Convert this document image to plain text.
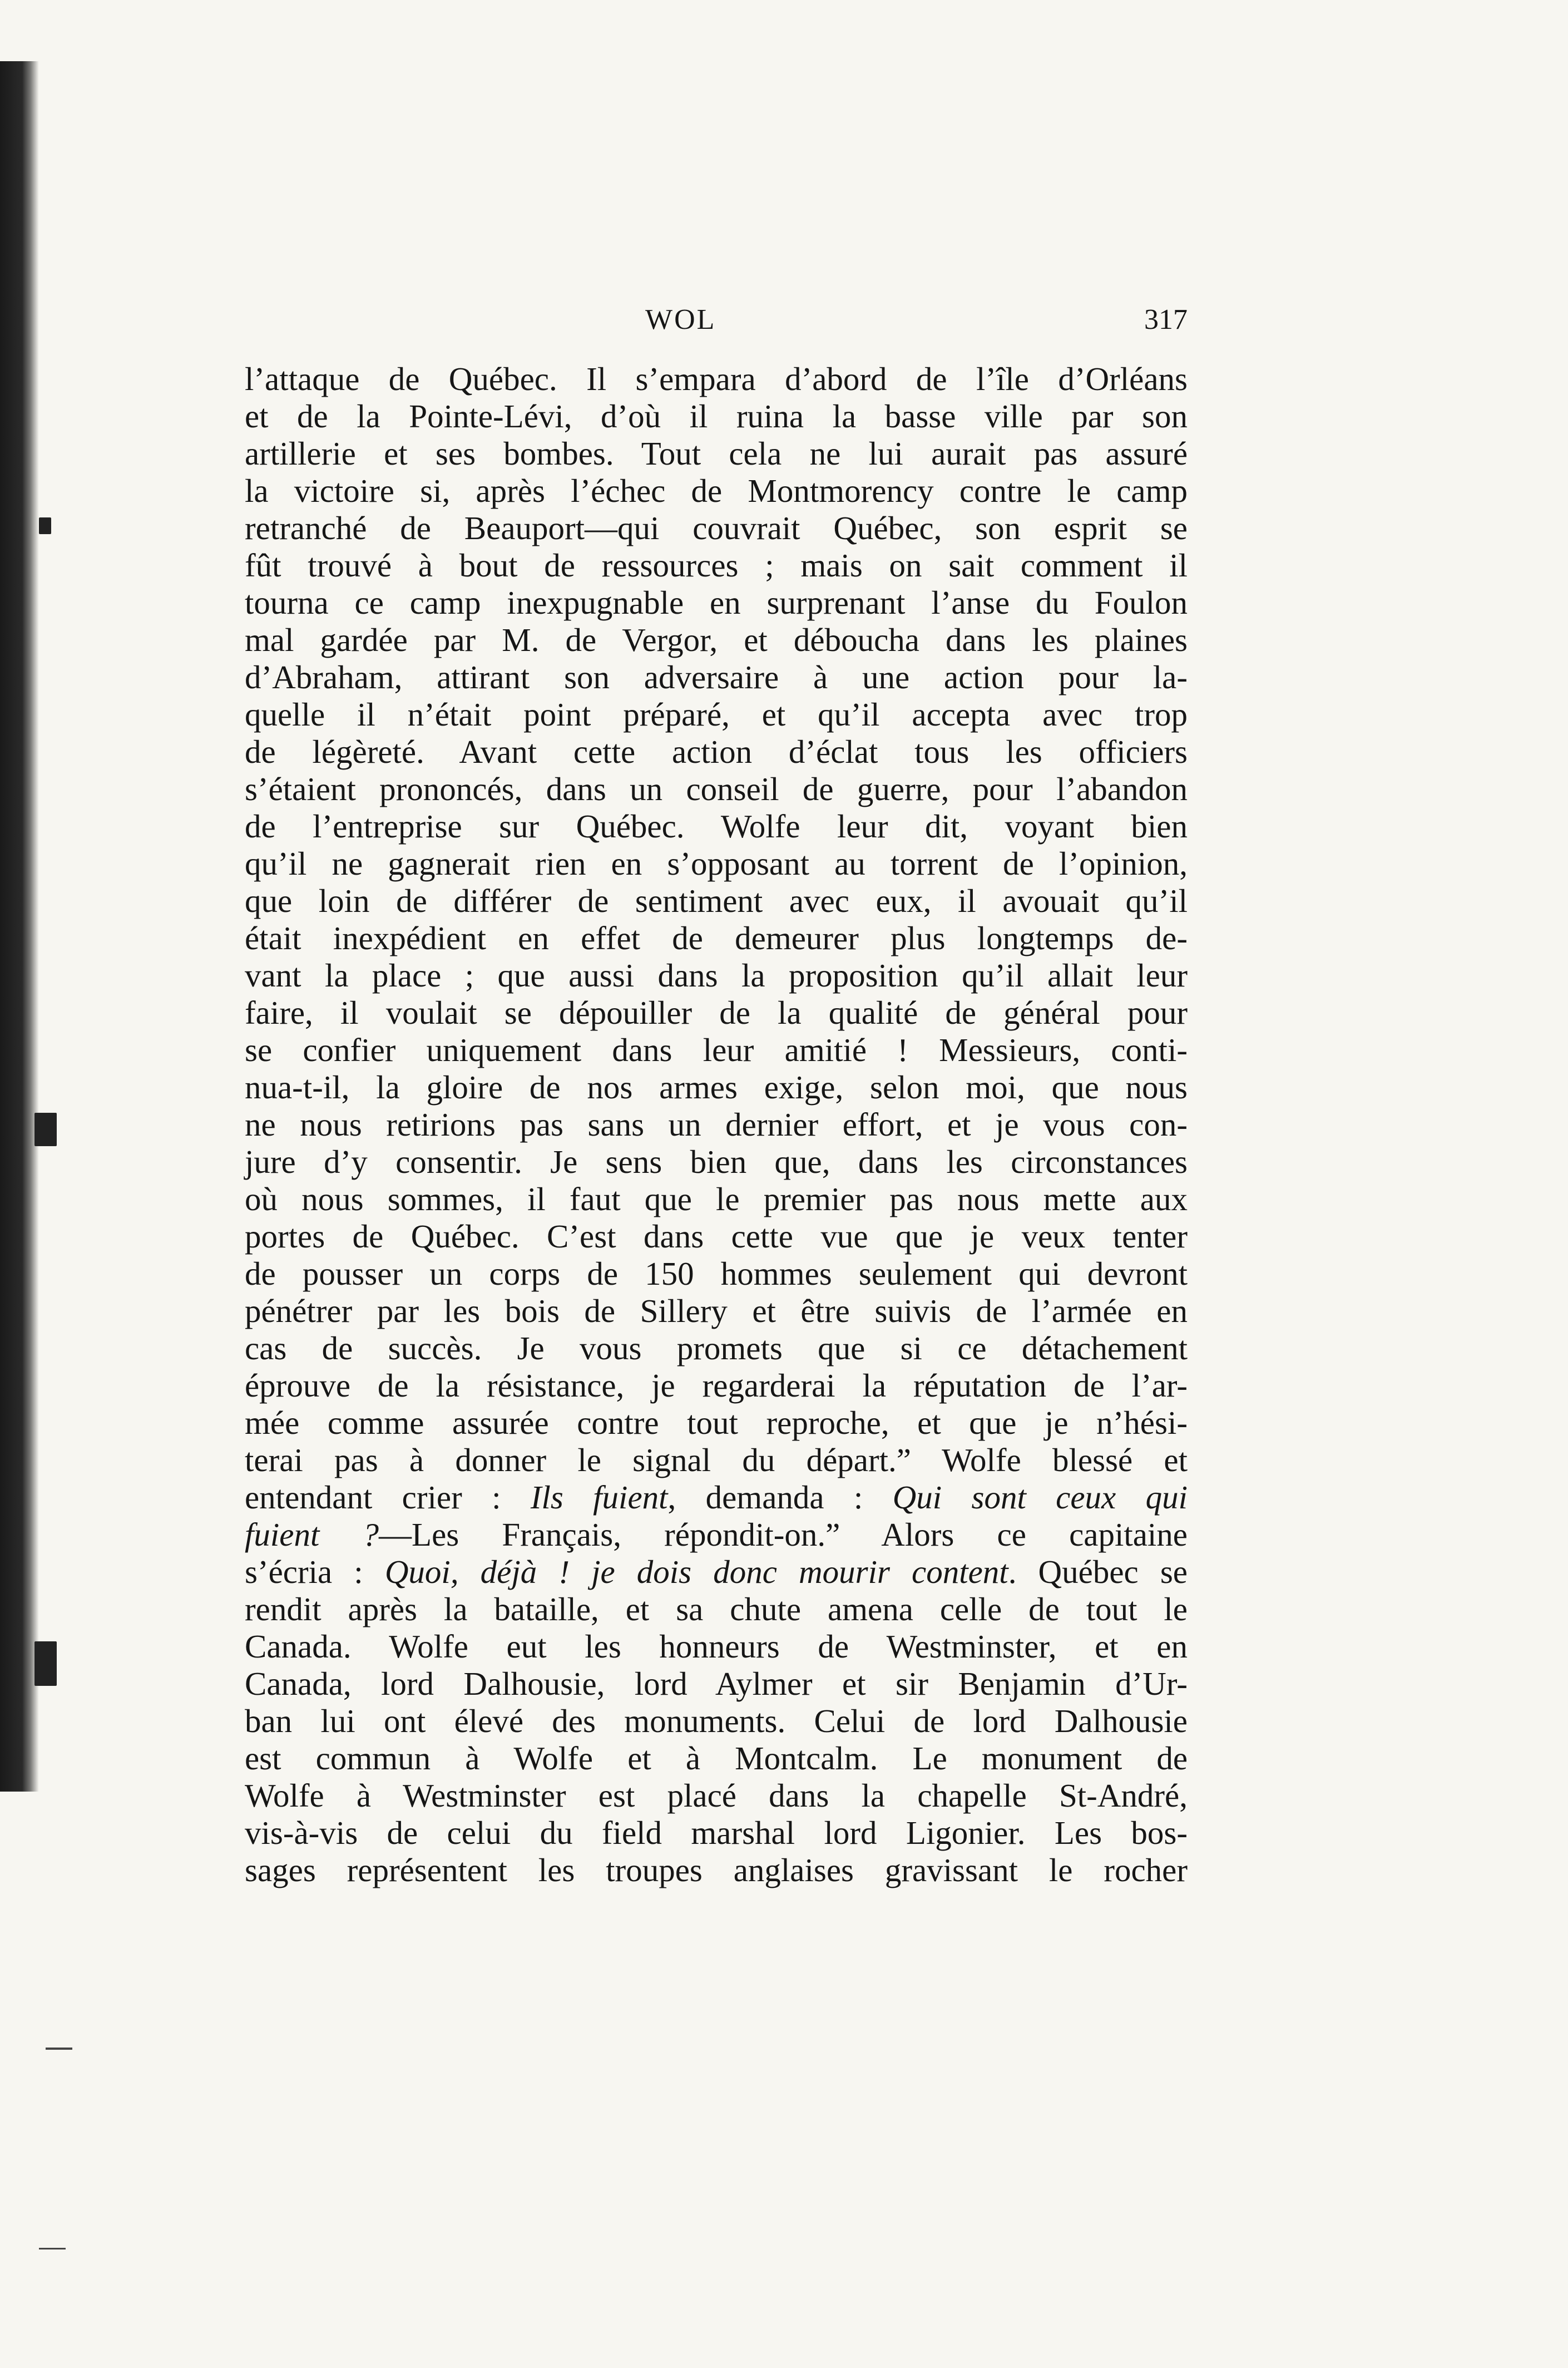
WOL	317
l’attaque de Québec. Il s’empara d’abord de l’île d’Orléans
et de la Pointe-Lévi, d’où il ruina la basse ville par son
artillerie et ses bombes. Tout cela ne lui aurait pas assuré
la victoire si, après l’échec de Montmorency contre le camp
retranché de Beauport—qui couvrait Québec, son esprit se
fût trouvé à bout de ressources ; mais on sait comment il
tourna ce camp inexpugnable en surprenant l’anse du Foulon
mal gardée par M. de Vergor, et déboucha dans les plaines
d’Abraham, attirant son adversaire à une action pour la-
quelle il n’était point préparé, et qu’il accepta avec trop
de légèreté. Avant cette action d’éclat tous les officiers
s’étaient prononcés, dans un conseil de guerre, pour l’abandon
de l’entreprise sur Québec. Wolfe leur dit, voyant bien
qu’il ne gagnerait rien en s’opposant au torrent de l’opinion,
que loin de différer de sentiment avec eux, il avouait qu’il
était inexpédient en effet de demeurer plus longtemps de-
vant la place ; que aussi dans la proposition qu’il allait leur
faire, il voulait se dépouiller de la qualité de général pour
se confier uniquement dans leur amitié ! Messieurs, conti-
nua-t-il, la gloire de nos armes exige, selon moi, que nous
ne nous retirions pas sans un dernier effort, et je vous con-
jure d’y consentir. Je sens bien que, dans les circonstances
où nous sommes, il faut que le premier pas nous mette aux
portes de Québec. C’est dans cette vue que je veux tenter
de pousser un corps de 150 hommes seulement qui devront
pénétrer par les bois de Sillery et être suivis de l’armée en
cas de succès. Je vous promets que si ce détachement
éprouve de la résistance, je regarderai la réputation de l’ar-
mée comme assurée contre tout reproche, et que je n’hési-
terai pas à donner le signal du départ.” Wolfe blessé et
entendant crier : Ils fuient, demanda : Qui sont ceux qui
fuient ?—Les Français, répondit-on.” Alors ce capitaine
s’écria : Quoi, déjà ! je dois donc mourir content. Québec se
rendit après la bataille, et sa chute amena celle de tout le
Canada. Wolfe eut les honneurs de Westminster, et en
Canada, lord Dalhousie, lord Aylmer et sir Benjamin d’Ur-
ban lui ont élevé des monuments. Celui de lord Dalhousie
est commun à Wolfe et à Montcalm. Le monument de
Wolfe à Westminster est placé dans la chapelle St-André,
vis-à-vis de celui du field marshal lord Ligonier. Les bos-
sages représentent les troupes anglaises gravissant le rocher
